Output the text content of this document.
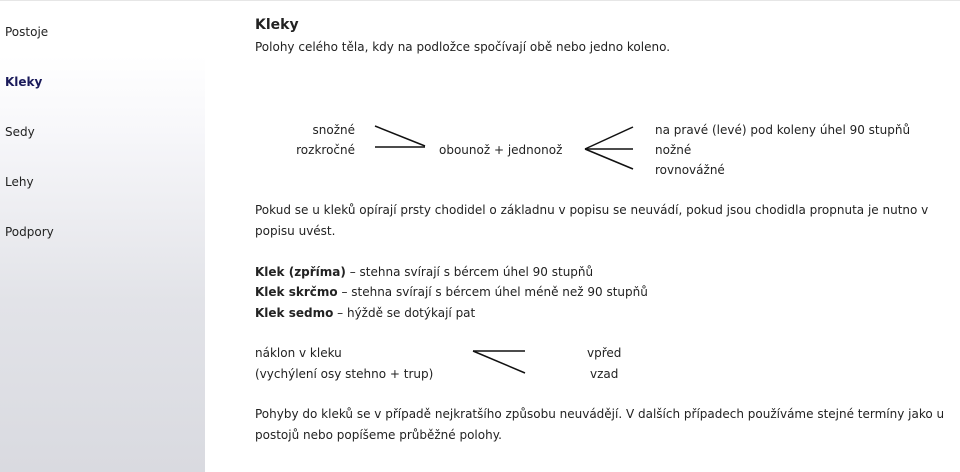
Postoje
Kleky
Sedy
Lehy
Podpory
Kleky
Polohy celého těla, kdy na podložce spočívají obě nebo jedno koleno.
snožné
rozkročné	obounož + jednonož
na pravé (levé) pod koleny úhel 90 stupňů
nožné
rovnovážné
Pokud se u kleků opírají prsty chodidel o základnu v popisu se neuvádí, pokud jsou chodidla propnuta je nutno v popisu uvést.
Klek (zpříma) – stehna svírají s bércem úhel 90 stupňů
Klek skrčmo – stehna svírají s bércem úhel méně než 90 stupňů
Klek sedmo – hýždě se dotýkají pat
náklon v kleku
(vychýlení osy stehno + trup)
vpřed
vzad
Pohyby do kleků se v případě nejkratšího způsobu neuvádějí. V dalších případech používáme stejné termíny jako u postojů nebo popíšeme průběžné polohy.
